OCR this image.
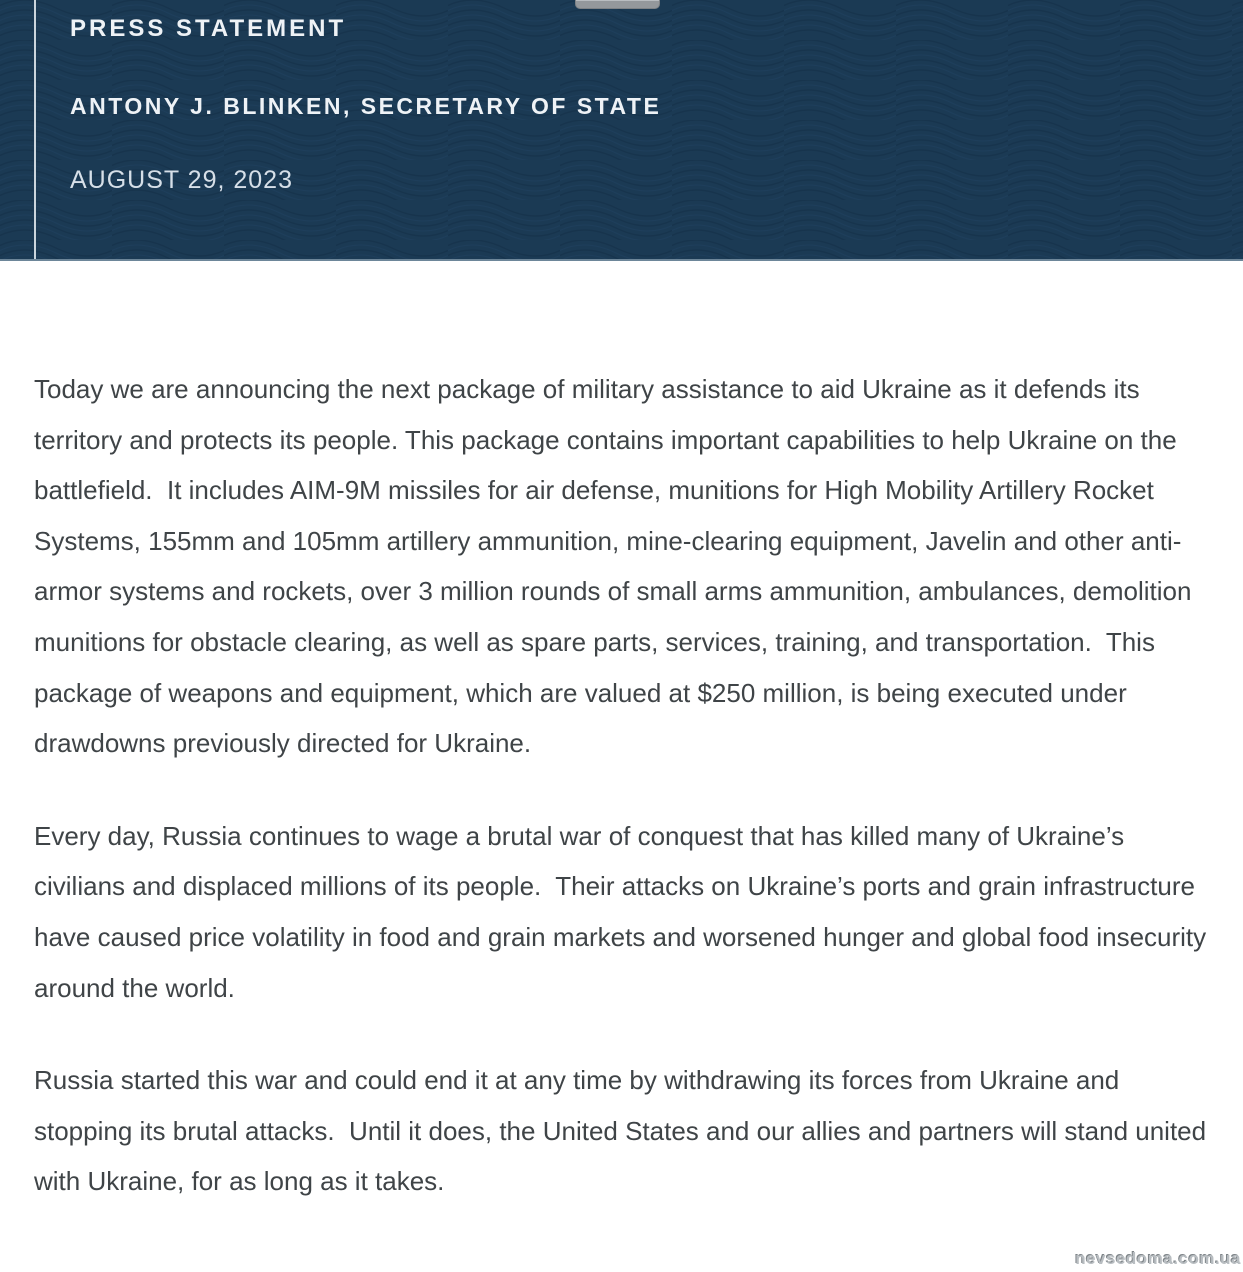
PRESS STATEMENT
ANTONY J. BLINKEN, SECRETARY OF STATE
AUGUST 29, 2023

Today we are announcing the next package of military assistance to aid Ukraine as it defends its territory and protects its people. This package contains important capabilities to help Ukraine on the battlefield.  It includes AIM-9M missiles for air defense, munitions for High Mobility Artillery Rocket Systems, 155mm and 105mm artillery ammunition, mine-clearing equipment, Javelin and other anti-armor systems and rockets, over 3 million rounds of small arms ammunition, ambulances, demolition munitions for obstacle clearing, as well as spare parts, services, training, and transportation.  This package of weapons and equipment, which are valued at $250 million, is being executed under drawdowns previously directed for Ukraine.

Every day, Russia continues to wage a brutal war of conquest that has killed many of Ukraine’s civilians and displaced millions of its people.  Their attacks on Ukraine’s ports and grain infrastructure have caused price volatility in food and grain markets and worsened hunger and global food insecurity around the world.

Russia started this war and could end it at any time by withdrawing its forces from Ukraine and stopping its brutal attacks.  Until it does, the United States and our allies and partners will stand united with Ukraine, for as long as it takes.

nevsedoma.com.ua
